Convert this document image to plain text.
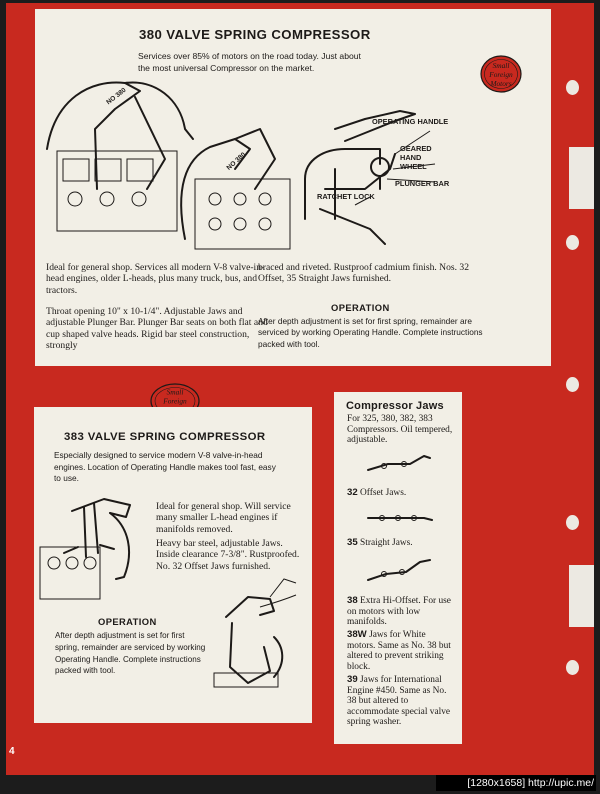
380 VALVE SPRING COMPRESSOR
Services over 85% of motors on the road today. Just about the most universal Compressor on the market.
OPERATING HANDLE
GEARED HAND WHEEL
PLUNGER BAR
RATCHET LOCK
NO 380
NO 380
Ideal for general shop. Services all modern V-8 valve-in-head engines, older L-heads, plus many truck, bus, and tractors.
Throat opening 10" x 10-1/4". Adjustable Jaws and adjustable Plunger Bar. Plunger Bar seats on both flat and cup shaped valve heads. Rigid bar steel construction, strongly
braced and riveted. Rustproof cadmium finish. Nos. 32 Offset, 35 Straight Jaws furnished.
OPERATION
After depth adjustment is set for first spring, remainder are serviced by working Operating Handle. Complete instructions packed with tool.
Small
Foreign
Motors
Small
Foreign
383 VALVE SPRING COMPRESSOR
Especially designed to service modern V-8 valve-in-head engines. Location of Operating Handle makes tool fast, easy to use.
Ideal for general shop. Will service many smaller L-head engines if manifolds removed.
Heavy bar steel, adjustable Jaws. Inside clearance 7-3/8". Rustproofed. No. 32 Offset Jaws furnished.
OPERATION
After depth adjustment is set for first spring, remainder are serviced by working Operating Handle. Complete instructions packed with tool.
Compressor Jaws
For 325, 380, 382, 383 Compressors. Oil tempered, adjustable.
32 Offset Jaws.
35 Straight Jaws.
38 Extra Hi-Offset. For use on motors with low manifolds.
38W Jaws for White motors. Same as No. 38 but altered to prevent striking block.
39 Jaws for International Engine #450. Same as No. 38 but altered to accommodate special valve spring washer.
4
[1280x1658] http://upic.me/
